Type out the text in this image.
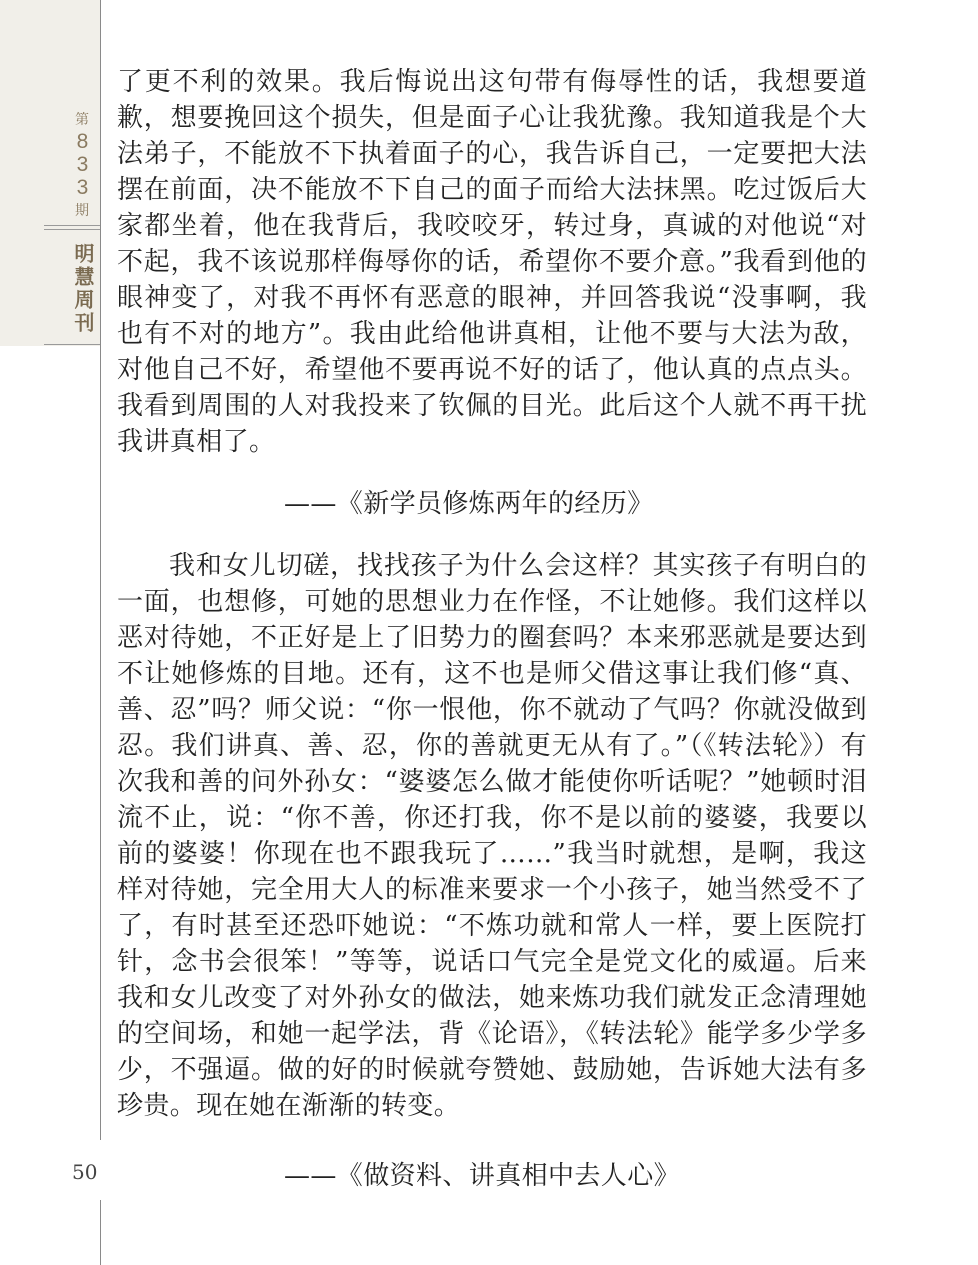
第
833
期
明慧周刊
50

了更不利的效果。我后悔说出这句带有侮辱性的话，我想要道歉，想要挽回这个损失，但是面子心让我犹豫。我知道我是个大法弟子，不能放不下执着面子的心，我告诉自己，一定要把大法摆在前面，决不能放不下自己的面子而给大法抹黑。吃过饭后大家都坐着，他在我背后，我咬咬牙，转过身，真诚的对他说“对不起，我不该说那样侮辱你的话，希望你不要介意。”我看到他的眼神变了，对我不再怀有恶意的眼神，并回答我说“没事啊，我也有不对的地方”。我由此给他讲真相，让他不要与大法为敌，对他自己不好，希望他不要再说不好的话了，他认真的点点头。我看到周围的人对我投来了钦佩的目光。此后这个人就不再干扰我讲真相了。

——《新学员修炼两年的经历》

我和女儿切磋，找找孩子为什么会这样？其实孩子有明白的一面，也想修，可她的思想业力在作怪，不让她修。我们这样以恶对待她，不正好是上了旧势力的圈套吗？本来邪恶就是要达到不让她修炼的目地。还有，这不也是师父借这事让我们修“真、善、忍”吗？师父说：“你一恨他，你不就动了气吗？你就没做到忍。我们讲真、善、忍，你的善就更无从有了。”（《转法轮》）有次我和善的问外孙女：“婆婆怎么做才能使你听话呢？”她顿时泪流不止，说：“你不善，你还打我，你不是以前的婆婆，我要以前的婆婆！你现在也不跟我玩了……”我当时就想，是啊，我这样对待她，完全用大人的标准来要求一个小孩子，她当然受不了了，有时甚至还恐吓她说：“不炼功就和常人一样，要上医院打针，念书会很笨！”等等，说话口气完全是党文化的威逼。后来我和女儿改变了对外孙女的做法，她来炼功我们就发正念清理她的空间场，和她一起学法，背《论语》，《转法轮》能学多少学多少，不强逼。做的好的时候就夸赞她、鼓励她，告诉她大法有多珍贵。现在她在渐渐的转变。

——《做资料、讲真相中去人心》
